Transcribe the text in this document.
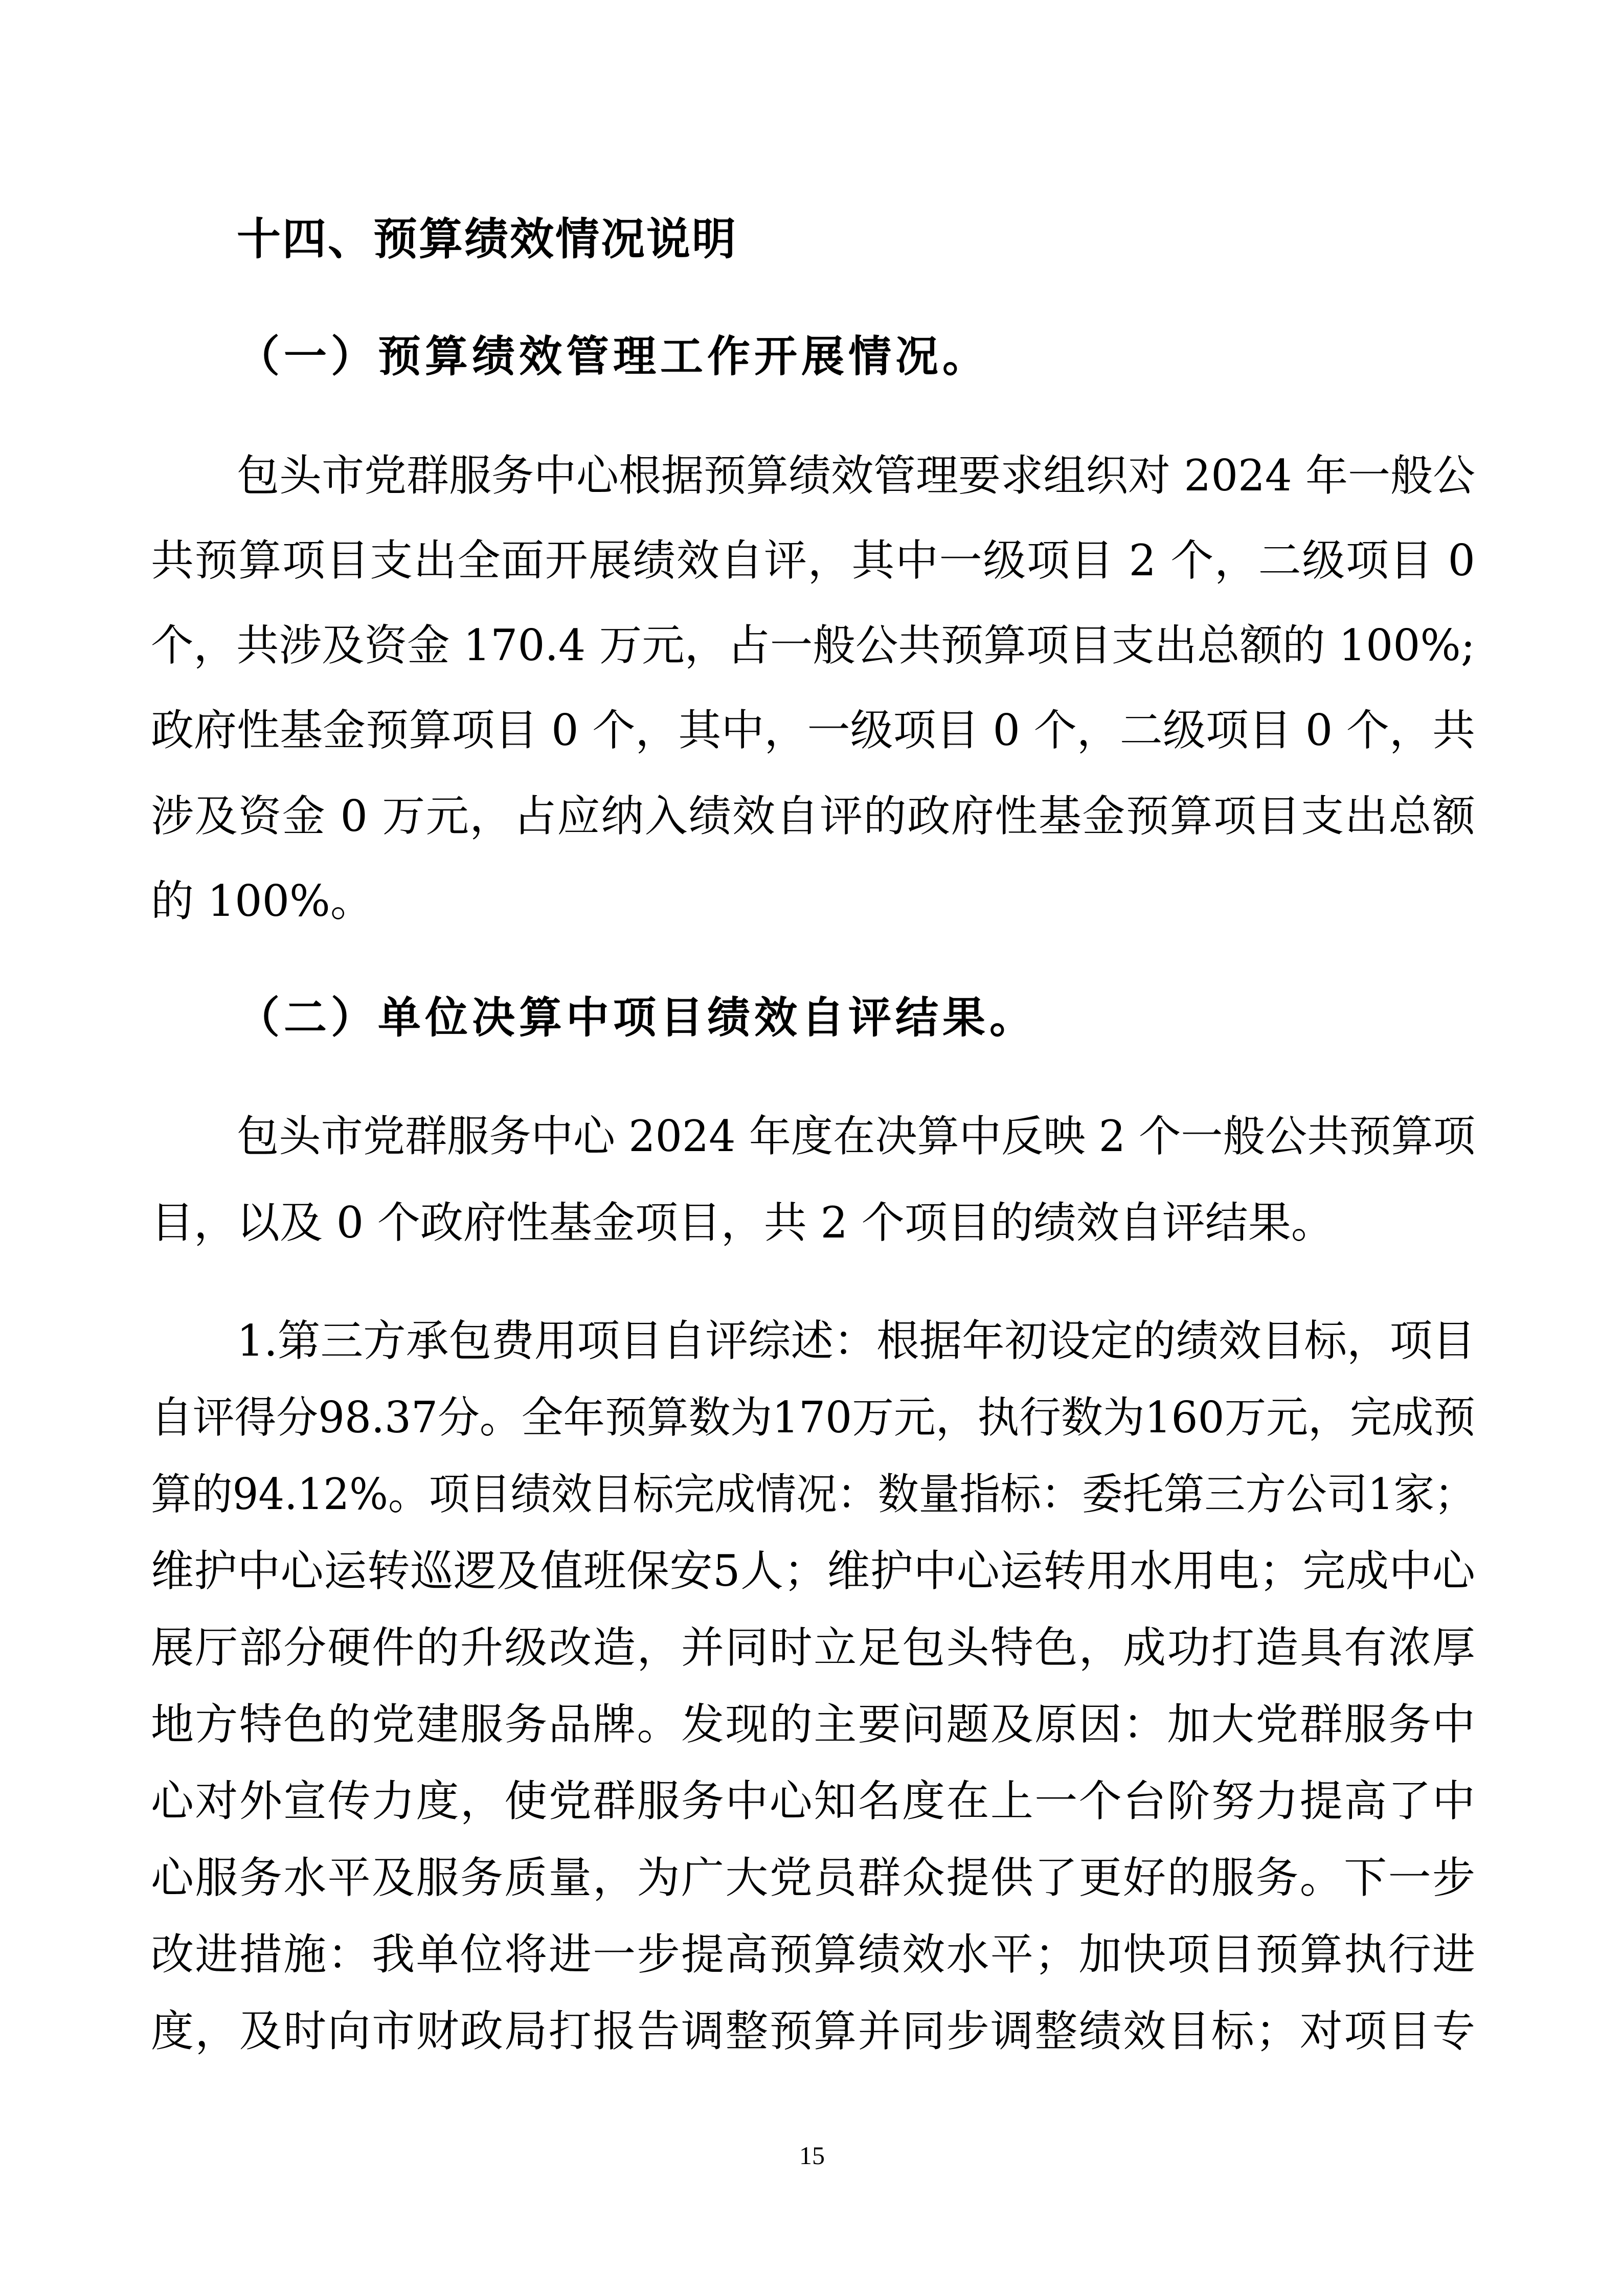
十四、预算绩效情况说明
（一）预算绩效管理工作开展情况。
包头市党群服务中心根据预算绩效管理要求组织对 2024 年一般公
共预算项目支出全面开展绩效自评，其中一级项目 2 个，二级项目 0
个，共涉及资金 170.4 万元，占一般公共预算项目支出总额的 100%;
政府性基金预算项目 0 个，其中，一级项目 0 个，二级项目 0 个，共
涉及资金 0 万元，占应纳入绩效自评的政府性基金预算项目支出总额
的 100%。
（二）单位决算中项目绩效自评结果。
包头市党群服务中心 2024 年度在决算中反映 2 个一般公共预算项
目，以及 0 个政府性基金项目，共 2 个项目的绩效自评结果。
1.第三方承包费用项目自评综述：根据年初设定的绩效目标，项目
自评得分98.37分。全年预算数为170万元，执行数为160万元，完成预
算的94.12%。项目绩效目标完成情况：数量指标：委托第三方公司1家；
维护中心运转巡逻及值班保安5人；维护中心运转用水用电；完成中心
展厅部分硬件的升级改造，并同时立足包头特色，成功打造具有浓厚
地方特色的党建服务品牌。发现的主要问题及原因：加大党群服务中
心对外宣传力度，使党群服务中心知名度在上一个台阶努力提高了中
心服务水平及服务质量，为广大党员群众提供了更好的服务。下一步
改进措施：我单位将进一步提高预算绩效水平；加快项目预算执行进
度，及时向市财政局打报告调整预算并同步调整绩效目标；对项目专
15
